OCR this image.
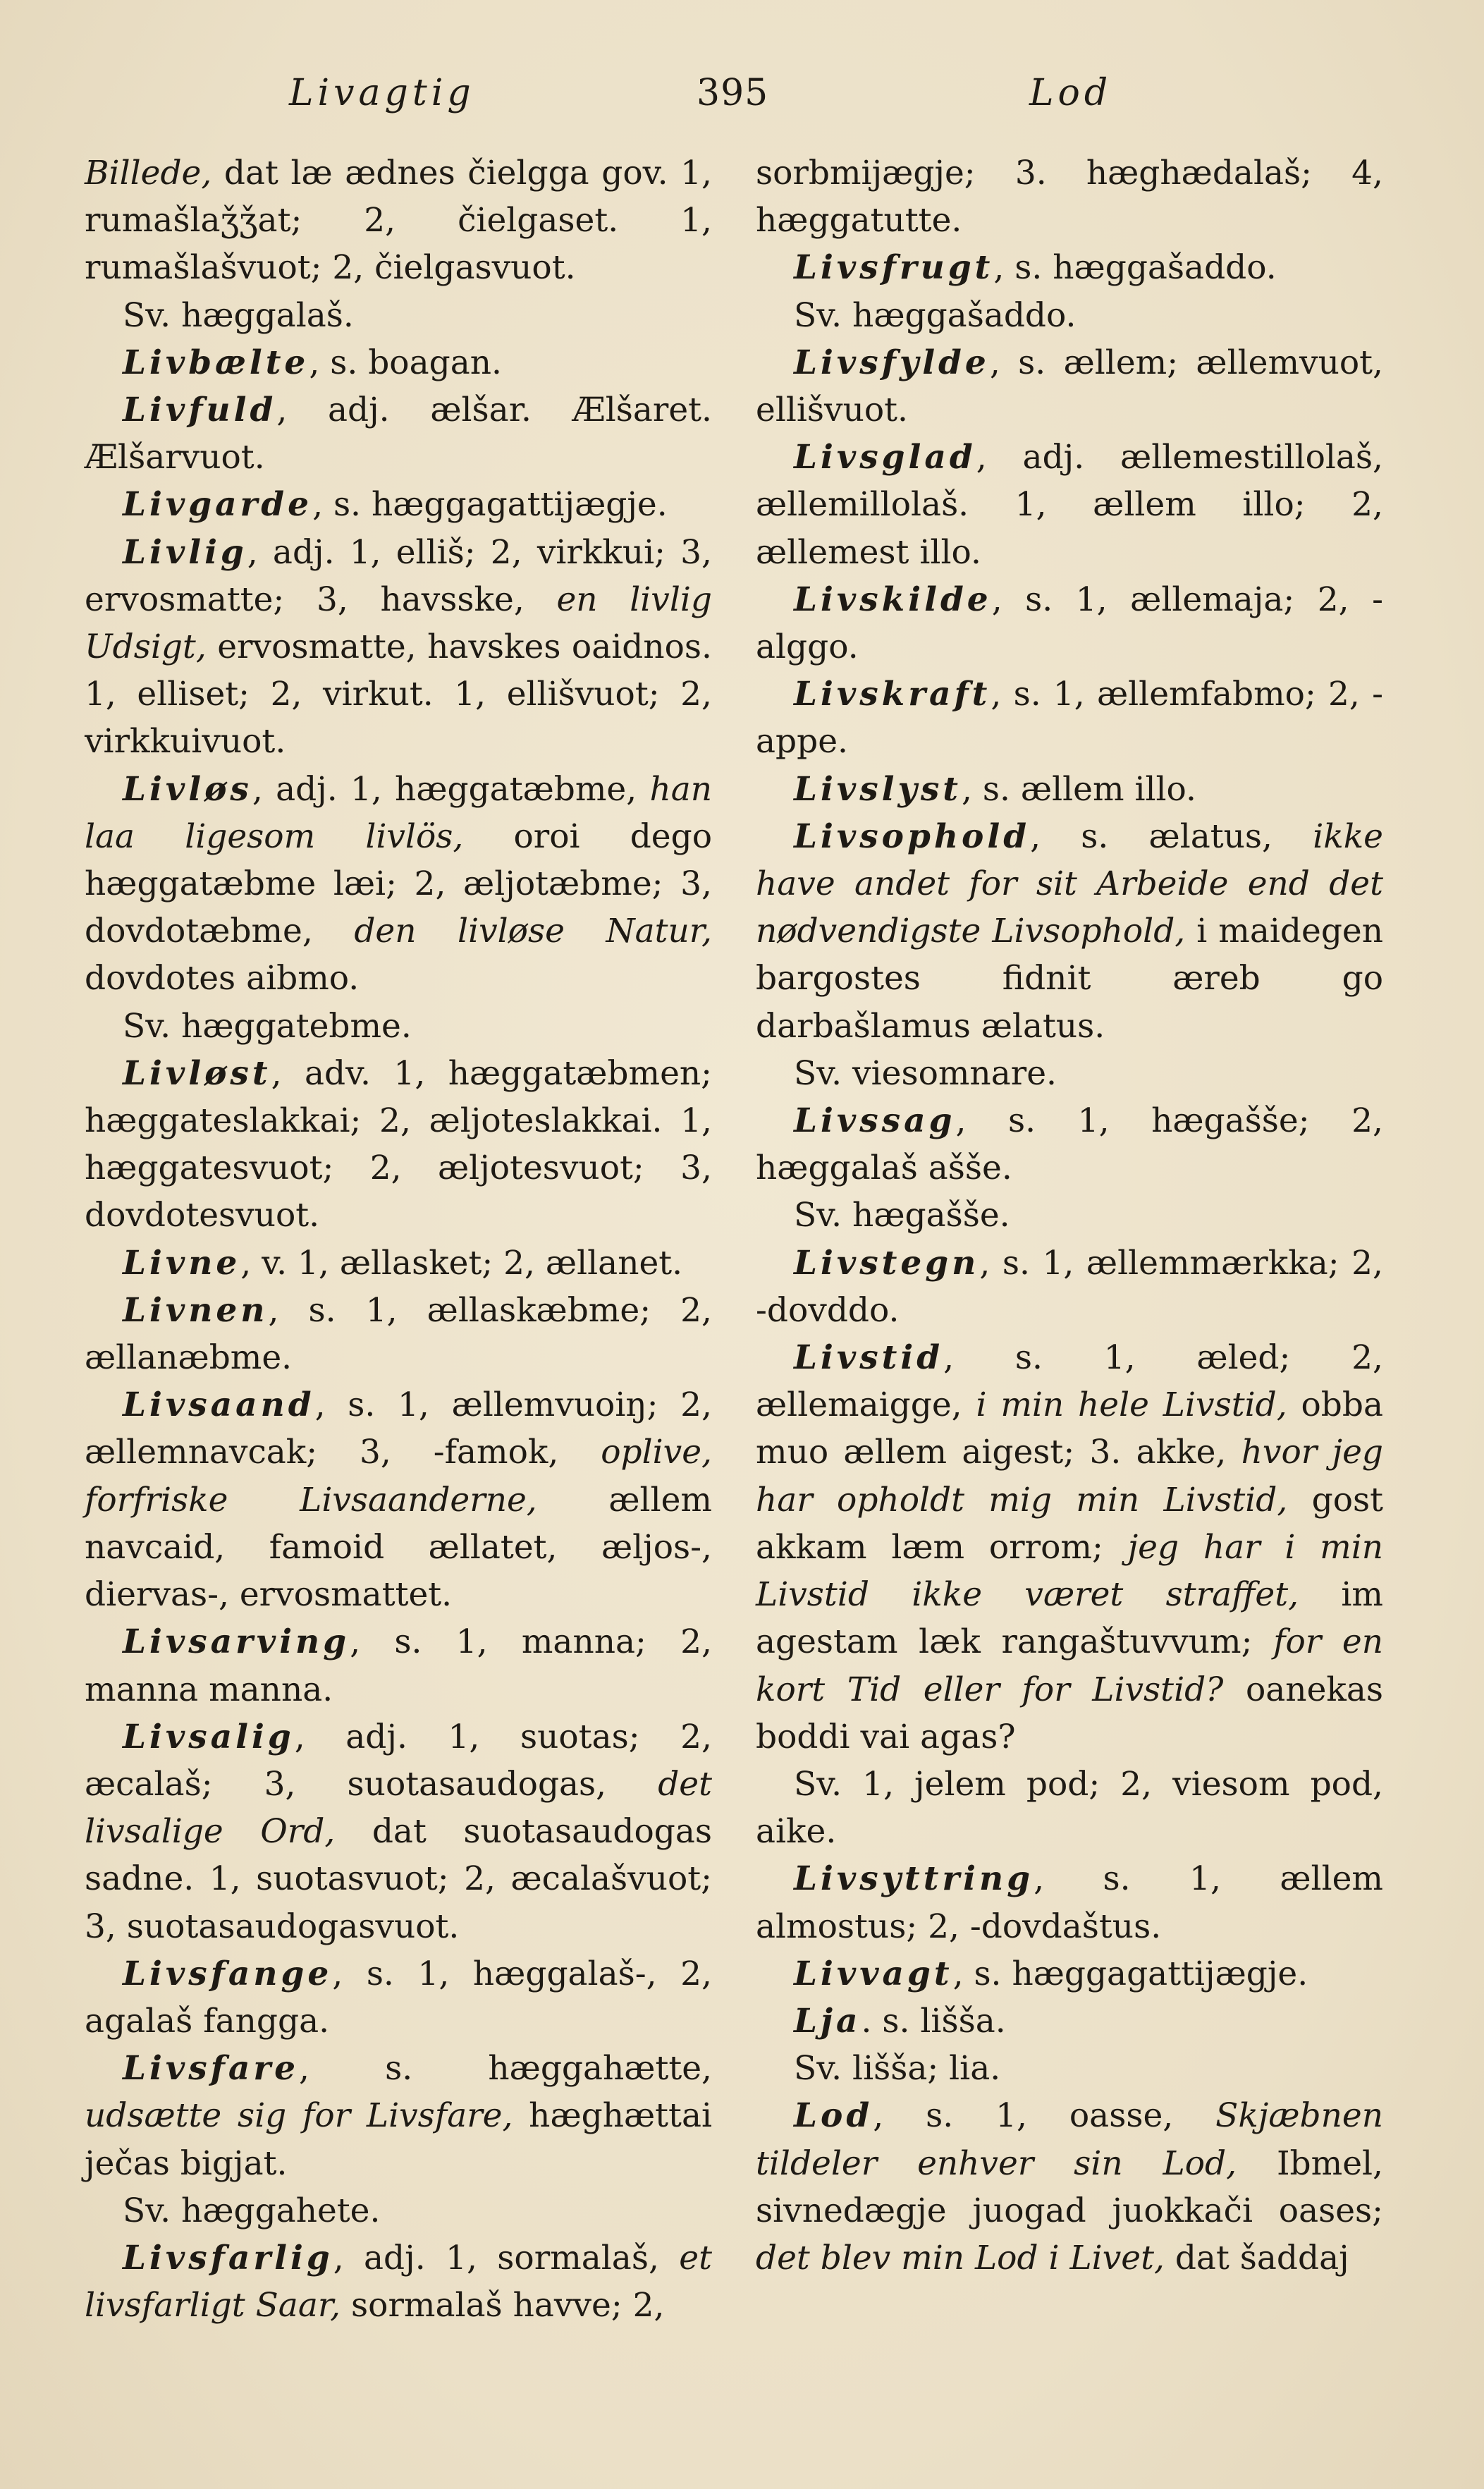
Livagtig	395	Lod

Billede, dat læ ædnes čielgga gov. 1, rumašlaǯǯat; 2, čielgaset. 1, rumašlašvuot; 2, čielgasvuot.

Sv. hæggalaš.

Livbælte, s. boagan.

Livfuld, adj. ælšar. Ælšaret. Ælšarvuot.

Livgarde, s. hæggagattijægje.

Livlig, adj. 1, elliš; 2, virkkui; 3, ervosmatte; 3, havsske, en livlig Udsigt, ervosmatte, havskes oaidnos. 1, elliset; 2, virkut. 1, ellišvuot; 2, virkkuivuot.

Livløs, adj. 1, hæggatæbme, han laa ligesom livlös, oroi dego hæggatæbme læi; 2, æljotæbme; 3, dovdotæbme, den livløse Natur, dovdotes aibmo.

Sv. hæggatebme.

Livløst, adv. 1, hæggatæbmen; hæggateslakkai; 2, æljoteslakkai. 1, hæggatesvuot; 2, æljotesvuot; 3, dovdotesvuot.

Livne, v. 1, ællasket; 2, ællanet.

Livnen, s. 1, ællaskæbme; 2, ællanæbme.

Livsaand, s. 1, ællemvuoiŋ; 2, ællemnavcak; 3, -famok, oplive, forfriske Livsaanderne, ællem navcaid, famoid ællatet, æljos-, diervas-, ervosmattet.

Livsarving, s. 1, manna; 2, manna manna.

Livsalig, adj. 1, suotas; 2, æcalaš; 3, suotasaudogas, det livsalige Ord, dat suotasaudogas sadne. 1, suotasvuot; 2, æcalašvuot; 3, suotasaudogasvuot.

Livsfange, s. 1, hæggalaš-, 2, agalaš fangga.

Livsfare, s. hæggahætte, udsætte sig for Livsfare, hæghættai ječas bigjat.

Sv. hæggahete.

Livsfarlig, adj. 1, sormalaš, et livsfarligt Saar, sormalaš havve; 2,

sorbmijægje; 3. hæghædalaš; 4, hæggatutte.

Livsfrugt, s. hæggašaddo.

Sv. hæggašaddo.

Livsfylde, s. ællem; ællemvuot, ellišvuot.

Livsglad, adj. ællemestillolaš, ællemillolaš. 1, ællem illo; 2, ællemest illo.

Livskilde, s. 1, ællemaja; 2, -alggo.

Livskraft, s. 1, ællemfabmo; 2, -appe.

Livslyst, s. ællem illo.

Livsophold, s. ælatus, ikke have andet for sit Arbeide end det nødvendigste Livsophold, i maidegen bargostes fidnit æreb go darbašlamus ælatus.

Sv. viesomnare.

Livssag, s. 1, hægašše; 2, hæggalaš ašše.

Sv. hægašše.

Livstegn, s. 1, ællemmærkka; 2, -dovddo.

Livstid, s. 1, æled; 2, ællemaigge, i min hele Livstid, obba muo ællem aigest; 3. akke, hvor jeg har opholdt mig min Livstid, gost akkam læm orrom; jeg har i min Livstid ikke været straffet, im agestam læk rangaštuvvum; for en kort Tid eller for Livstid? oanekas boddi vai agas?

Sv. 1, jelem pod; 2, viesom pod, aike.

Livsyttring, s. 1, ællem almostus; 2, -dovdaštus.

Livvagt, s. hæggagattijægje.

Lja. s. lišša.

Sv. lišša; lia.

Lod, s. 1, oasse, Skjæbnen tildeler enhver sin Lod, Ibmel, sivnedægje juogad juokkači oases; det blev min Lod i Livet, dat šaddaj
